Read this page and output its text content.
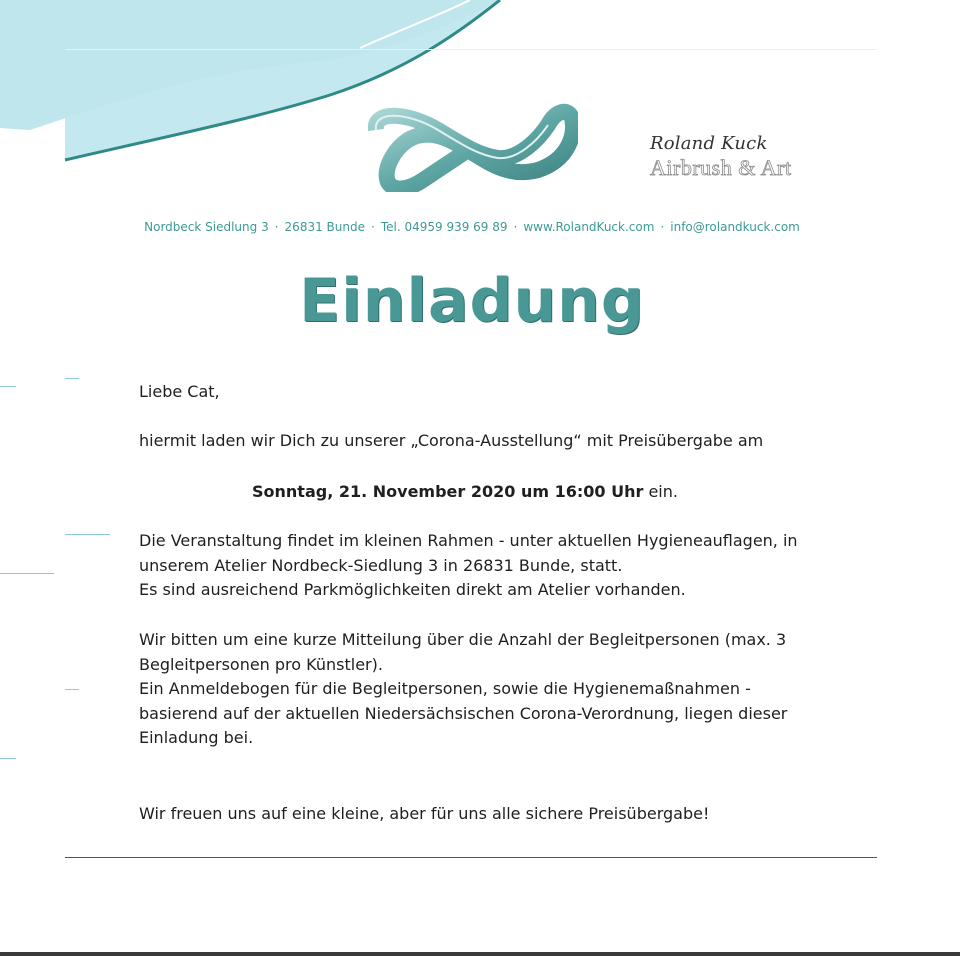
Roland Kuck
Airbrush & Art
Nordbeck Siedlung 3 · 26831 Bunde · Tel. 04959 939 69 89 · www.RolandKuck.com · info@rolandkuck.com
Einladung

Liebe Cat,

hiermit laden wir Dich zu unserer „Corona-Ausstellung“ mit Preisübergabe am

Sonntag, 21. November 2020 um 16:00 Uhr ein.

Die Veranstaltung findet im kleinen Rahmen - unter aktuellen Hygieneauflagen, in unserem Atelier Nordbeck-Siedlung 3 in 26831 Bunde, statt.

Es sind ausreichend Parkmöglichkeiten direkt am Atelier vorhanden.

Wir bitten um eine kurze Mitteilung über die Anzahl der Begleitpersonen (max. 3 Begleitpersonen pro Künstler).

Ein Anmeldebogen für die Begleitpersonen, sowie die Hygienemaßnahmen - basierend auf der aktuellen Niedersächsischen Corona-Verordnung, liegen dieser Einladung bei.

Wir freuen uns auf eine kleine, aber für uns alle sichere Preisübergabe!
